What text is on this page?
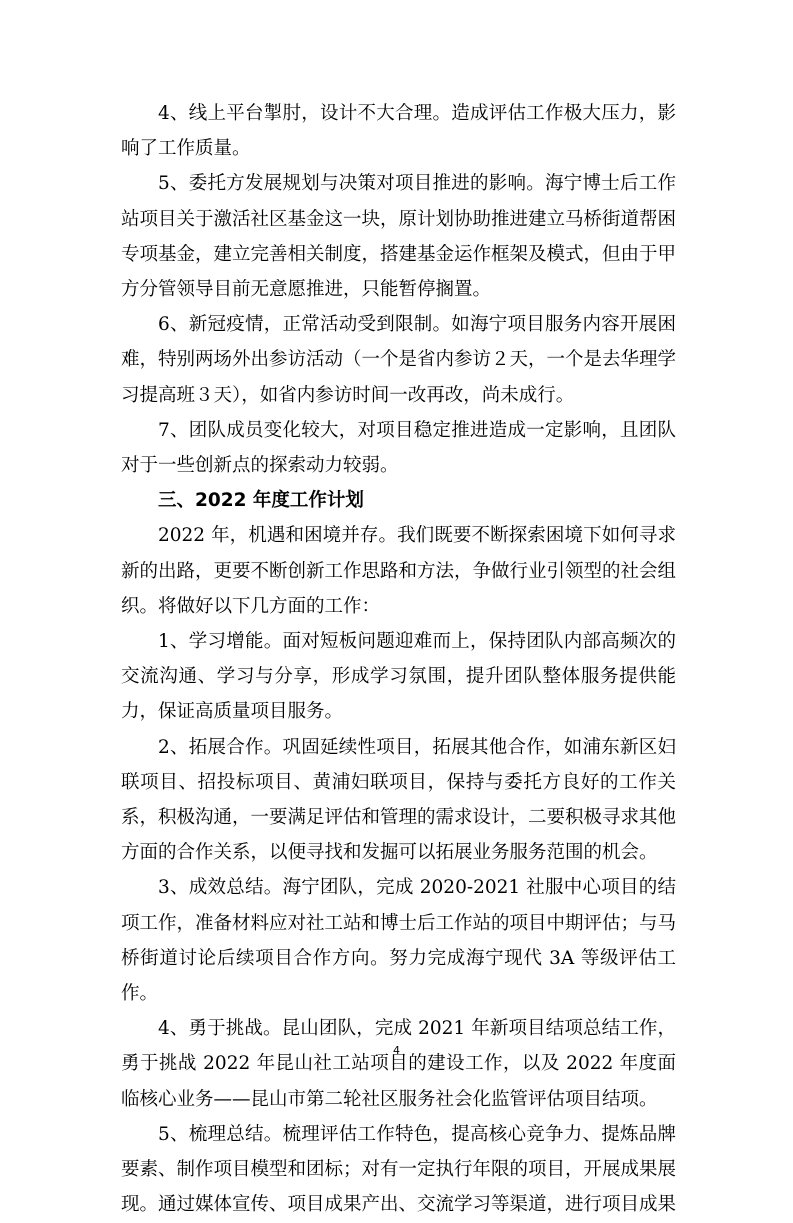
4、线上平台掣肘，设计不大合理。造成评估工作极大压力，影响了工作质量。

5、委托方发展规划与决策对项目推进的影响。海宁博士后工作站项目关于激活社区基金这一块，原计划协助推进建立马桥街道帮困专项基金，建立完善相关制度，搭建基金运作框架及模式，但由于甲方分管领导目前无意愿推进，只能暂停搁置。

6、新冠疫情，正常活动受到限制。如海宁项目服务内容开展困难，特别两场外出参访活动（一个是省内参访２天，一个是去华理学习提高班３天），如省内参访时间一改再改，尚未成行。

7、团队成员变化较大，对项目稳定推进造成一定影响，且团队对于一些创新点的探索动力较弱。

三、2022 年度工作计划

2022 年，机遇和困境并存。我们既要不断探索困境下如何寻求新的出路，更要不断创新工作思路和方法，争做行业引领型的社会组织。将做好以下几方面的工作：

1、学习增能。面对短板问题迎难而上，保持团队内部高频次的交流沟通、学习与分享，形成学习氛围，提升团队整体服务提供能力，保证高质量项目服务。

2、拓展合作。巩固延续性项目，拓展其他合作，如浦东新区妇联项目、招投标项目、黄浦妇联项目，保持与委托方良好的工作关系，积极沟通，一要满足评估和管理的需求设计，二要积极寻求其他方面的合作关系，以便寻找和发掘可以拓展业务服务范围的机会。

3、成效总结。海宁团队，完成 2020-2021 社服中心项目的结项工作，准备材料应对社工站和博士后工作站的项目中期评估；与马桥街道讨论后续项目合作方向。努力完成海宁现代 3A 等级评估工作。

4、勇于挑战。昆山团队，完成 2021 年新项目结项总结工作，勇于挑战 2022 年昆山社工站项目的建设工作，以及 2022 年度面临核心业务——昆山市第二轮社区服务社会化监管评估项目结项。

5、梳理总结。梳理评估工作特色，提高核心竞争力、提炼品牌要素、制作项目模型和团标；对有一定执行年限的项目，开展成果展现。通过媒体宣传、项目成果产出、交流学习等渠道，进行项目成果

4
